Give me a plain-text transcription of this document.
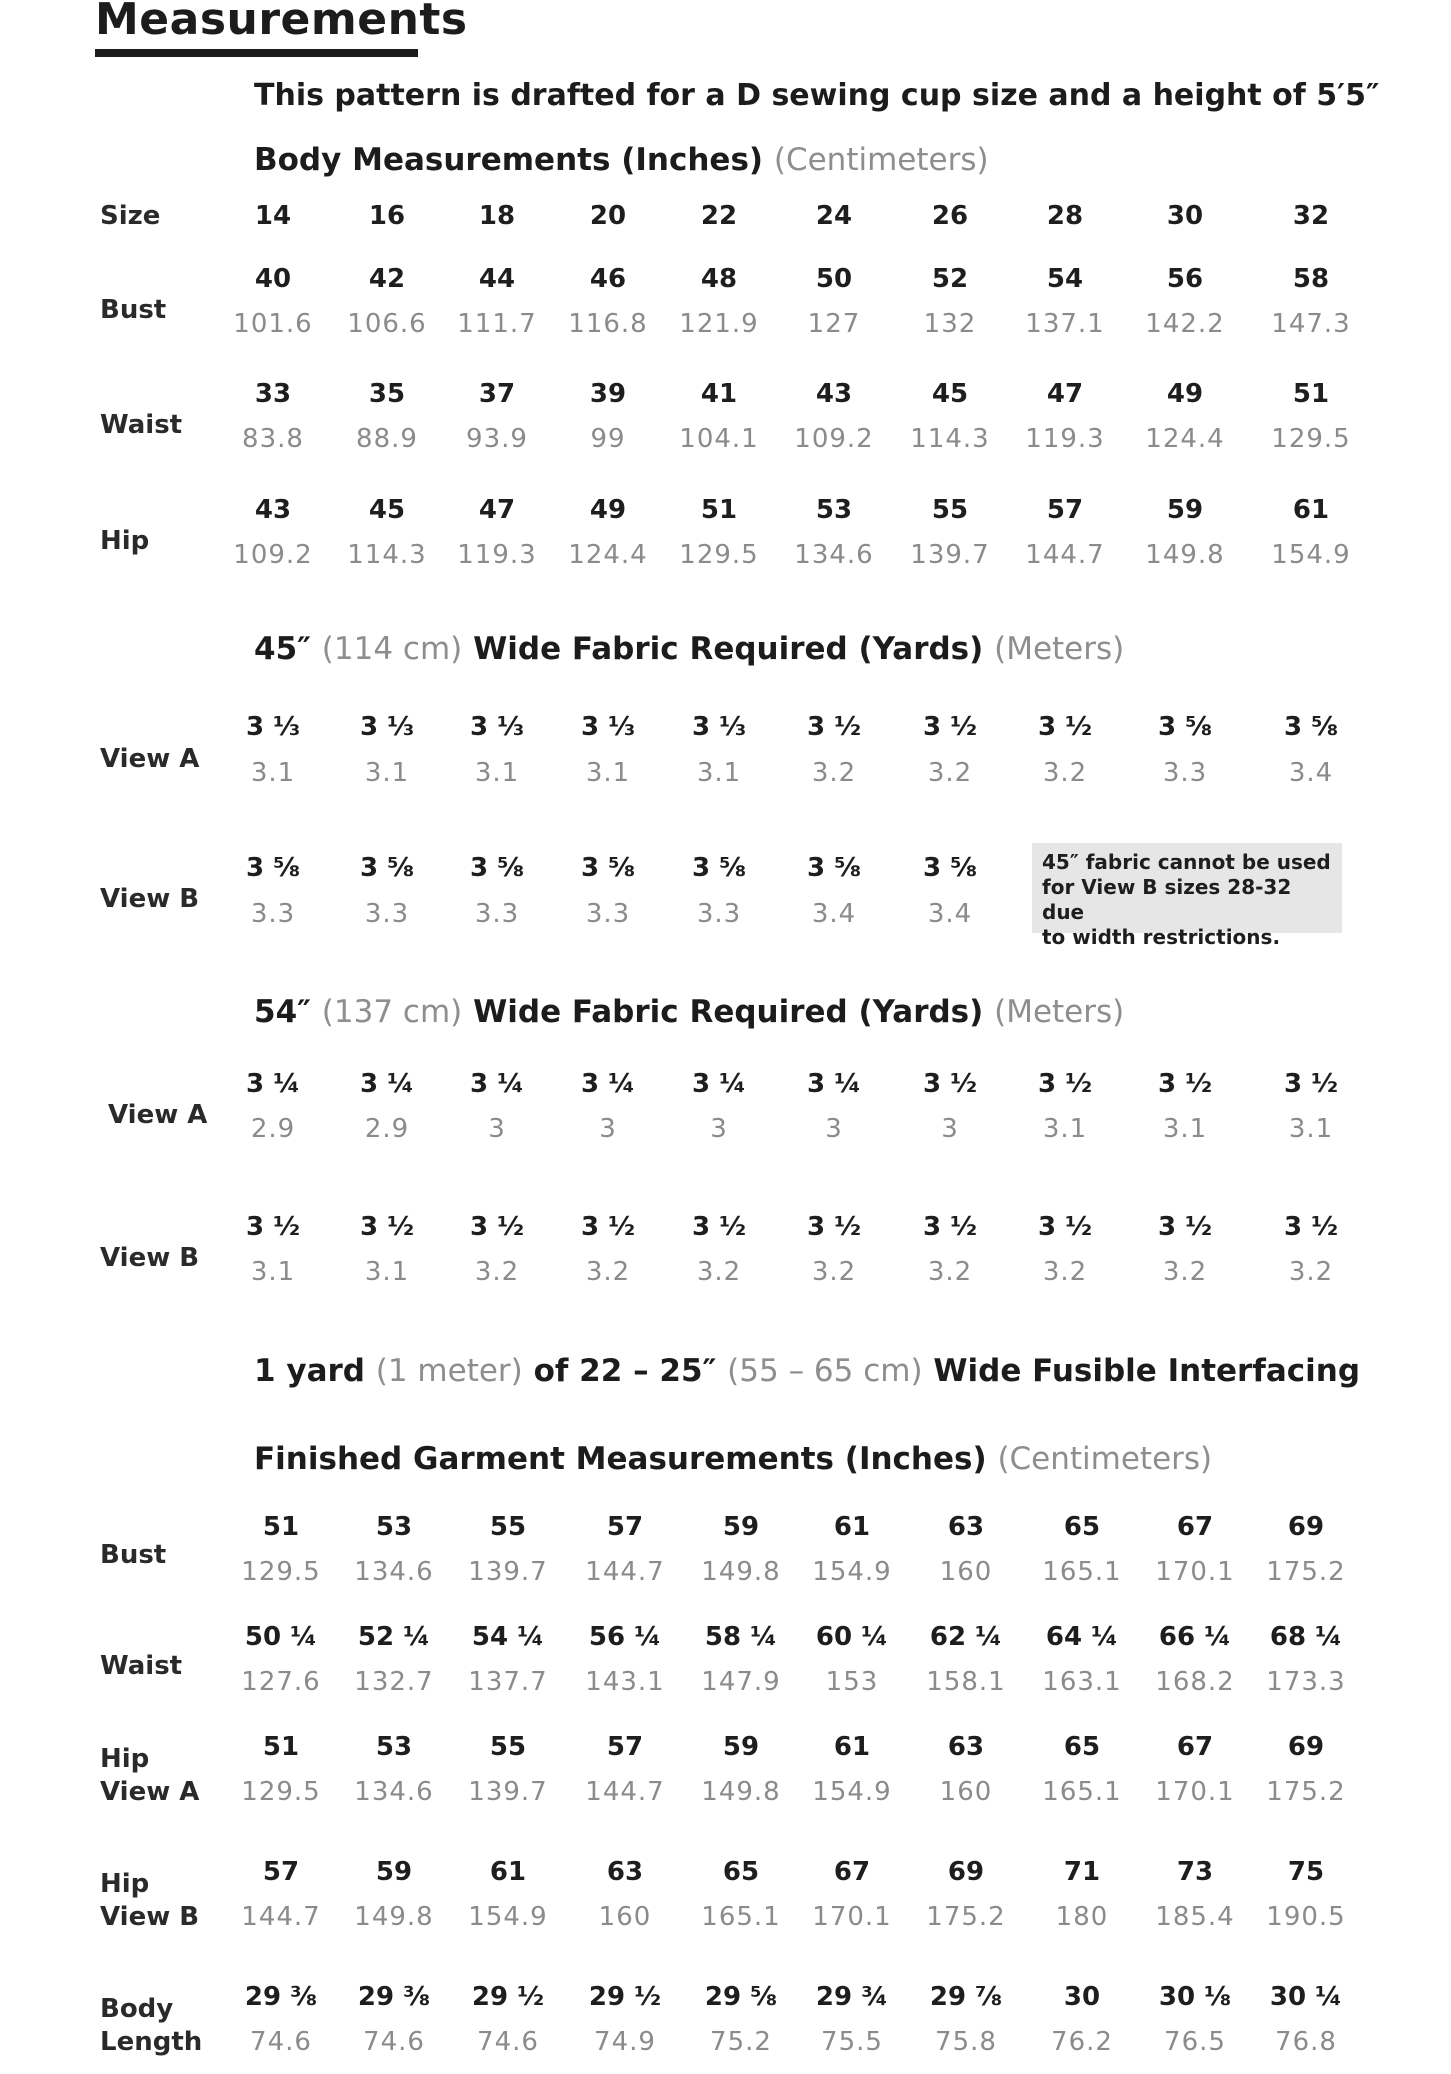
Measurements
This pattern is drafted for a D sewing cup size and a height of 5′5″
Body Measurements (Inches) (Centimeters)
Size	14	16	18	20	22	24	26	28	30	32
Bust
40	42	44	46	48	50	52	54	56	58
101.6	106.6	111.7	116.8	121.9	127	132	137.1	142.2	147.3
Waist
33	35	37	39	41	43	45	47	49	51
83.8	88.9	93.9	99	104.1	109.2	114.3	119.3	124.4	129.5
Hip
43	45	47	49	51	53	55	57	59	61
109.2	114.3	119.3	124.4	129.5	134.6	139.7	144.7	149.8	154.9
45″ (114 cm) Wide Fabric Required (Yards) (Meters)
View A
3 ⅓	3 ⅓	3 ⅓	3 ⅓	3 ⅓	3 ½	3 ½	3 ½	3 ⅝	3 ⅝
3.1	3.1	3.1	3.1	3.1	3.2	3.2	3.2	3.3	3.4
View B
3 ⅝	3 ⅝	3 ⅝	3 ⅝	3 ⅝	3 ⅝	3 ⅝
3.3	3.3	3.3	3.3	3.3	3.4	3.4
45″ fabric cannot be used
for View B sizes 28-32 due
to width restrictions.
54″ (137 cm) Wide Fabric Required (Yards) (Meters)
View A
3 ¼	3 ¼	3 ¼	3 ¼	3 ¼	3 ¼	3 ½	3 ½	3 ½	3 ½
2.9	2.9	3	3	3	3	3	3.1	3.1	3.1
View B
3 ½	3 ½	3 ½	3 ½	3 ½	3 ½	3 ½	3 ½	3 ½	3 ½
3.1	3.1	3.2	3.2	3.2	3.2	3.2	3.2	3.2	3.2
1 yard (1 meter) of 22 – 25″ (55 – 65 cm) Wide Fusible Interfacing
Finished Garment Measurements (Inches) (Centimeters)
Bust
51	53	55	57	59	61	63	65	67	69
129.5	134.6	139.7	144.7	149.8	154.9	160	165.1	170.1	175.2
Waist
50 ¼	52 ¼	54 ¼	56 ¼	58 ¼	60 ¼	62 ¼	64 ¼	66 ¼	68 ¼
127.6	132.7	137.7	143.1	147.9	153	158.1	163.1	168.2	173.3
Hip
View A
51	53	55	57	59	61	63	65	67	69
129.5	134.6	139.7	144.7	149.8	154.9	160	165.1	170.1	175.2
Hip
View B
57	59	61	63	65	67	69	71	73	75
144.7	149.8	154.9	160	165.1	170.1	175.2	180	185.4	190.5
Body
Length
29 ⅜	29 ⅜	29 ½	29 ½	29 ⅝	29 ¾	29 ⅞	30	30 ⅛	30 ¼
74.6	74.6	74.6	74.9	75.2	75.5	75.8	76.2	76.5	76.8
